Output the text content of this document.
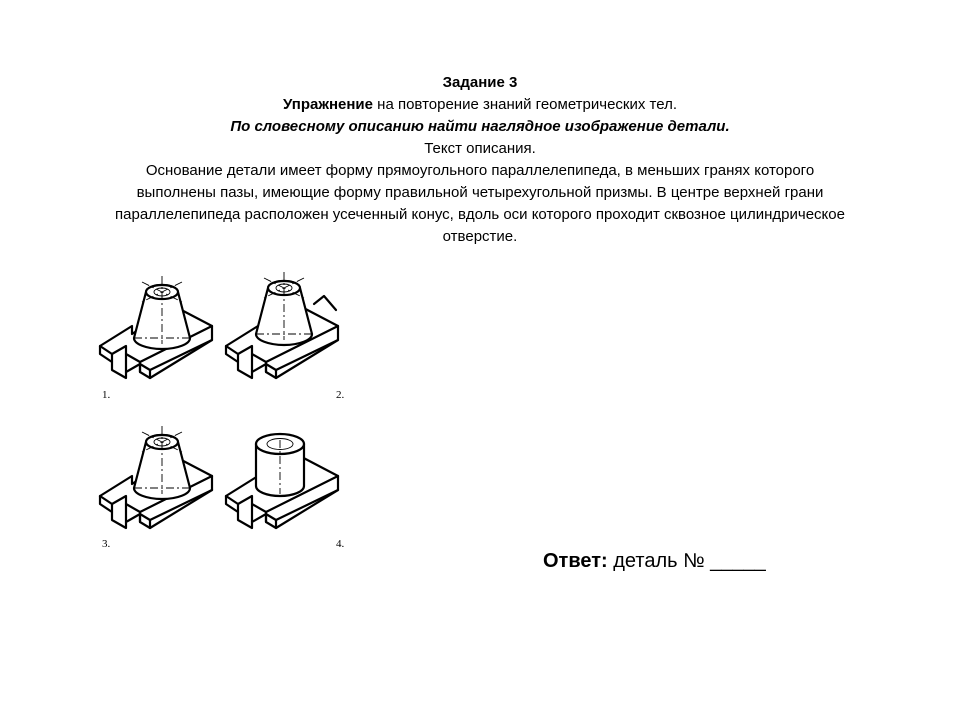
Задание 3
Упражнение на повторение знаний геометрических тел.
По словесному описанию найти наглядное изображение детали.
Текст описания.
Основание детали имеет форму прямоугольного параллелепипеда, в меньших гранях которого
выполнены пазы, имеющие форму правильной четырехугольной призмы. В центре верхней грани
параллелепипеда расположен усеченный конус, вдоль оси которого проходит сквозное цилиндрическое
отверстие.
1.	2.
3.	4.
Ответ: деталь № _____
